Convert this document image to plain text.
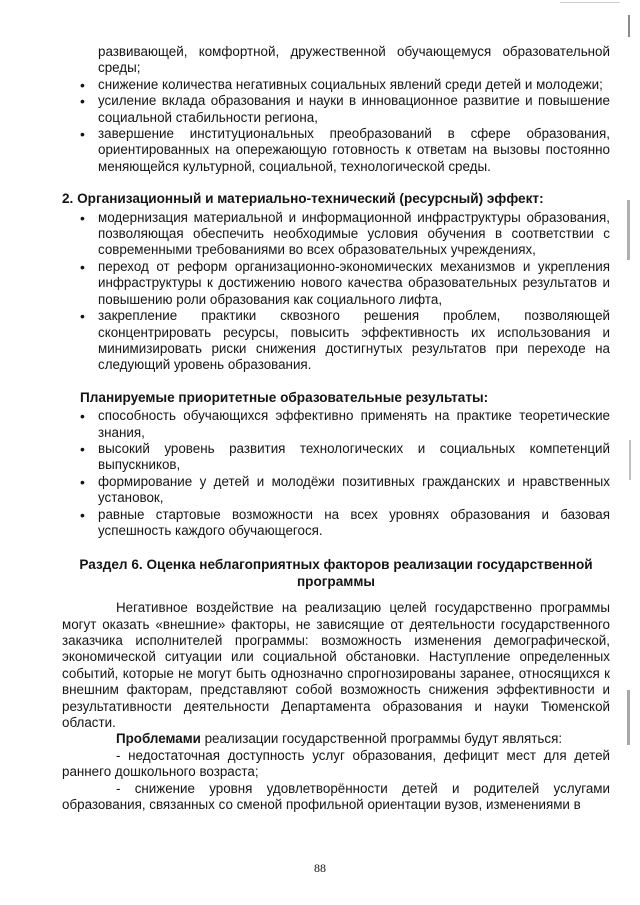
развивающей, комфортной, дружественной обучающемуся образовательной среды;
• снижение количества негативных социальных явлений среди детей и молодежи;
• усиление вклада образования и науки в инновационное развитие и повышение социальной стабильности региона,
• завершение институциональных преобразований в сфере образования, ориентированных на опережающую готовность к ответам на вызовы постоянно меняющейся культурной, социальной, технологической среды.
2. Организационный и материально-технический (ресурсный) эффект:
• модернизация материальной и информационной инфраструктуры образования, позволяющая обеспечить необходимые условия обучения в соответствии с современными требованиями во всех образовательных учреждениях,
• переход от реформ организационно-экономических механизмов и укрепления инфраструктуры к достижению нового качества образовательных результатов и повышению роли образования как социального лифта,
• закрепление практики сквозного решения проблем, позволяющей сконцентрировать ресурсы, повысить эффективность их использования и минимизировать риски снижения достигнутых результатов при переходе на следующий уровень образования.
Планируемые приоритетные образовательные результаты:
• способность обучающихся эффективно применять на практике теоретические знания,
• высокий уровень развития технологических и социальных компетенций выпускников,
• формирование у детей и молодёжи позитивных гражданских и нравственных установок,
• равные стартовые возможности на всех уровнях образования и базовая успешность каждого обучающегося.
Раздел 6. Оценка неблагоприятных факторов реализации государственной программы

Негативное воздействие на реализацию целей государственно программы могут оказать «внешние» факторы, не зависящие от деятельности государственного заказчика исполнителей программы: возможность изменения демографической, экономической ситуации или социальной обстановки. Наступление определенных событий, которые не могут быть однозначно спрогнозированы заранее, относящихся к внешним факторам, представляют собой возможность снижения эффективности и результативности деятельности Департамента образования и науки Тюменской области.

Проблемами реализации государственной программы будут являться:

- недостаточная доступность услуг образования, дефицит мест для детей раннего дошкольного возраста;

- снижение уровня удовлетворённости детей и родителей услугами образования, связанных со сменой профильной ориентации вузов, изменениями в

88
